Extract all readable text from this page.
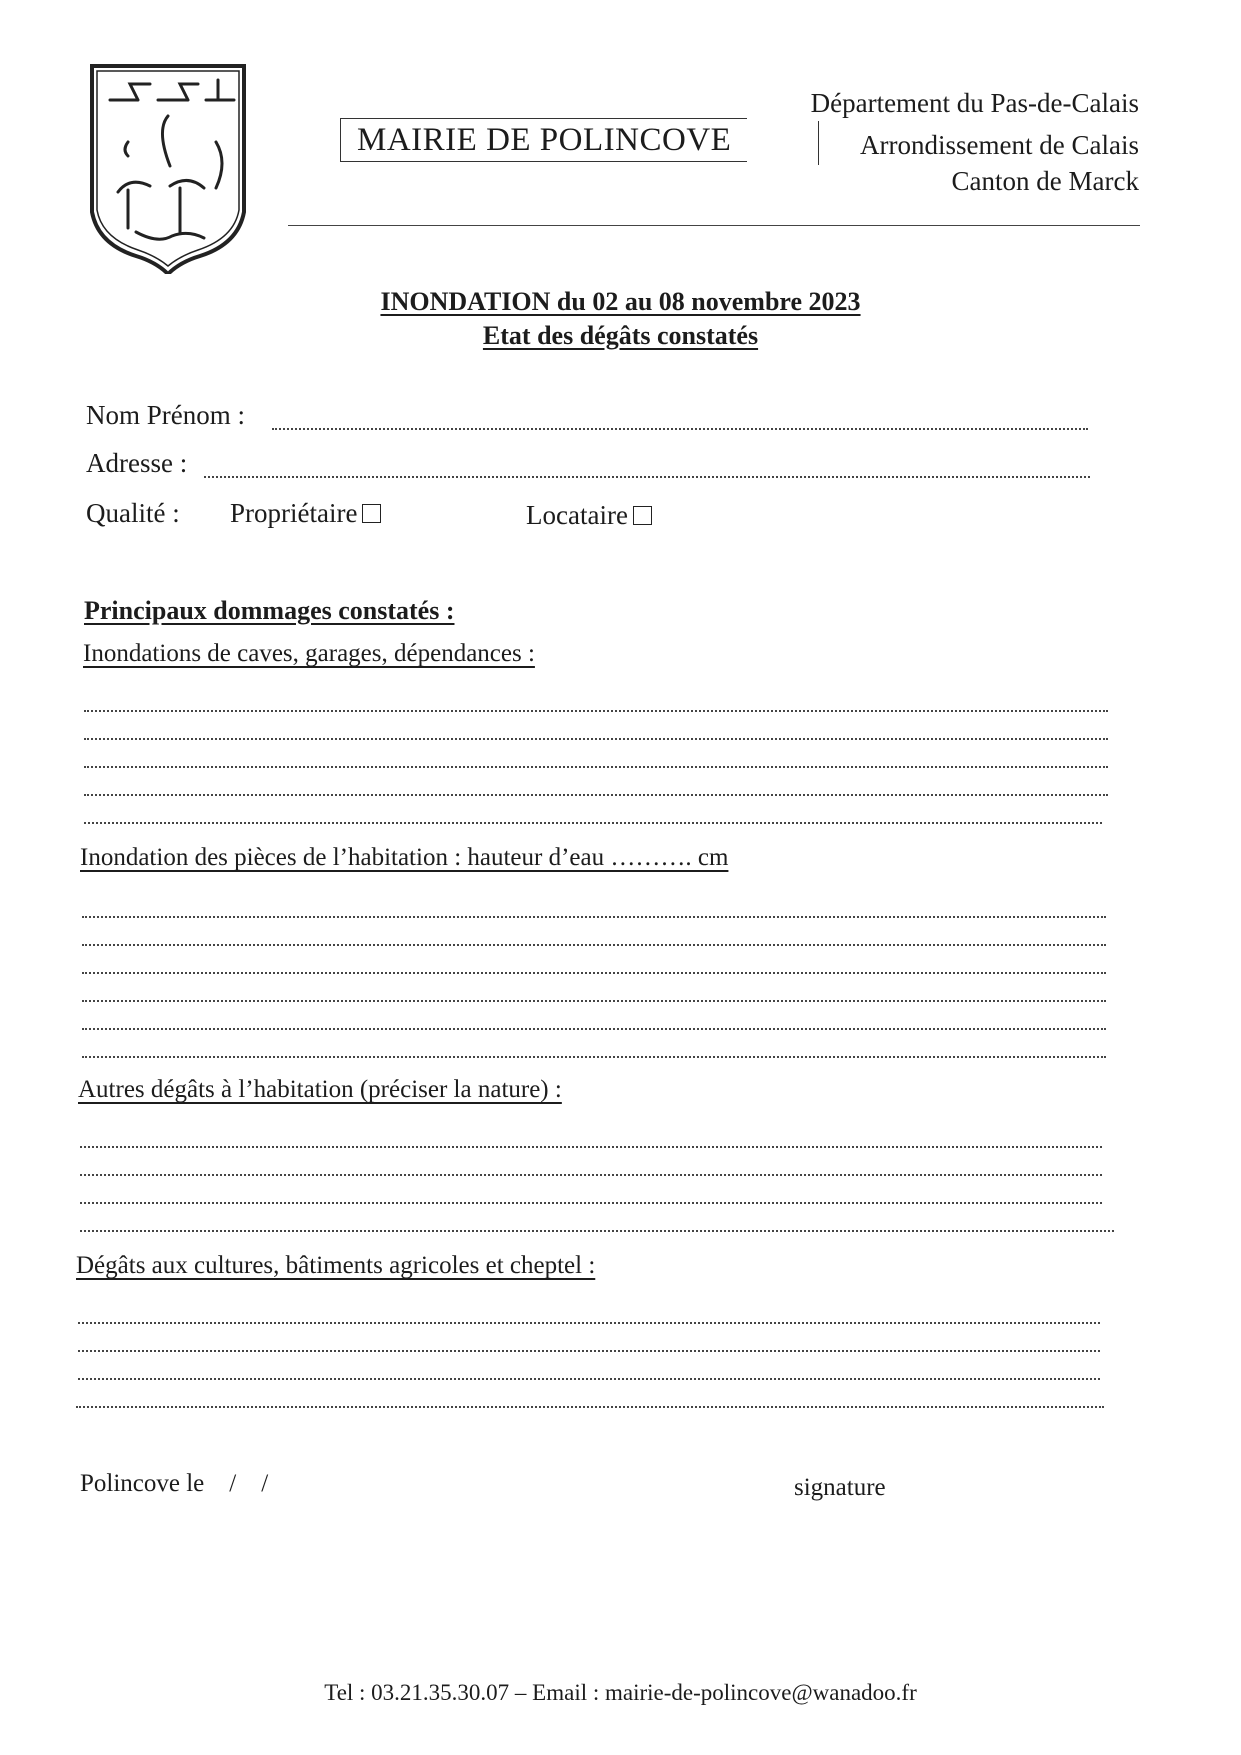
MAIRIE DE POLINCOVE
Département du Pas-de-Calais
Arrondissement de Calais
Canton de Marck
INONDATION du 02 au 08 novembre 2023
Etat des dégâts constatés
Nom Prénom :
Adresse :
Qualité : Propriétaire	Locataire
Principaux dommages constatés :
Inondations de caves, garages, dépendances :
Inondation des pièces de l’habitation : hauteur d’eau ………. cm
Autres dégâts à l’habitation (préciser la nature) :
Dégâts aux cultures, bâtiments agricoles et cheptel :
Polincove le    /    /	signature
Tel : 03.21.35.30.07 – Email : mairie-de-polincove@wanadoo.fr
